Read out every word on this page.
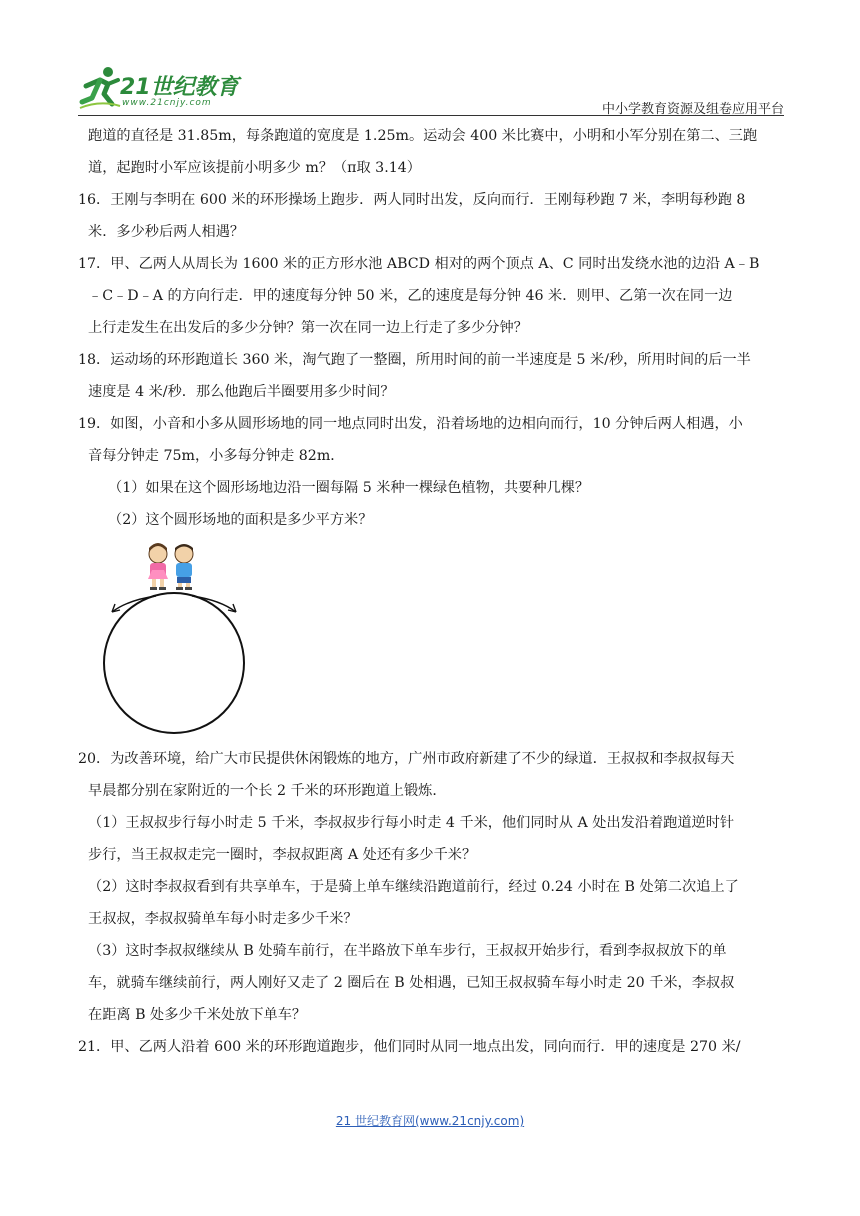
21世纪教育
www.21cnjy.com	中小学教育资源及组卷应用平台
跑道的直径是 31.85m，每条跑道的宽度是 1.25m。运动会 400 米比赛中，小明和小军分别在第二、三跑
道，起跑时小军应该提前小明多少 m？（π取 3.14）
16．王刚与李明在 600 米的环形操场上跑步．两人同时出发，反向而行．王刚每秒跑 7 米，李明每秒跑 8
米．多少秒后两人相遇？
17．甲、乙两人从周长为 1600 米的正方形水池 ABCD 相对的两个顶点 A、C 同时出发绕水池的边沿 A﹣B
﹣C﹣D﹣A 的方向行走．甲的速度每分钟 50 米，乙的速度是每分钟 46 米．则甲、乙第一次在同一边
上行走发生在出发后的多少分钟？第一次在同一边上行走了多少分钟？
18．运动场的环形跑道长 360 米，淘气跑了一整圈，所用时间的前一半速度是 5 米/秒，所用时间的后一半
速度是 4 米/秒．那么他跑后半圈要用多少时间？
19．如图，小音和小多从圆形场地的同一地点同时出发，沿着场地的边相向而行，10 分钟后两人相遇，小
音每分钟走 75m，小多每分钟走 82m．
（1）如果在这个圆形场地边沿一圈每隔 5 米种一棵绿色植物，共要种几棵？
（2）这个圆形场地的面积是多少平方米？
20．为改善环境，给广大市民提供休闲锻炼的地方，广州市政府新建了不少的绿道．王叔叔和李叔叔每天
早晨都分别在家附近的一个长 2 千米的环形跑道上锻炼．
（1）王叔叔步行每小时走 5 千米，李叔叔步行每小时走 4 千米，他们同时从 A 处出发沿着跑道逆时针
步行，当王叔叔走完一圈时，李叔叔距离 A 处还有多少千米？
（2）这时李叔叔看到有共享单车，于是骑上单车继续沿跑道前行，经过 0.24 小时在 B 处第二次追上了
王叔叔，李叔叔骑单车每小时走多少千米？
（3）这时李叔叔继续从 B 处骑车前行，在半路放下单车步行，王叔叔开始步行，看到李叔叔放下的单
车，就骑车继续前行，两人刚好又走了 2 圈后在 B 处相遇，已知王叔叔骑车每小时走 20 千米，李叔叔
在距离 B 处多少千米处放下单车？
21．甲、乙两人沿着 600 米的环形跑道跑步，他们同时从同一地点出发，同向而行．甲的速度是 270 米/
21 世纪教育网(www.21cnjy.com)
